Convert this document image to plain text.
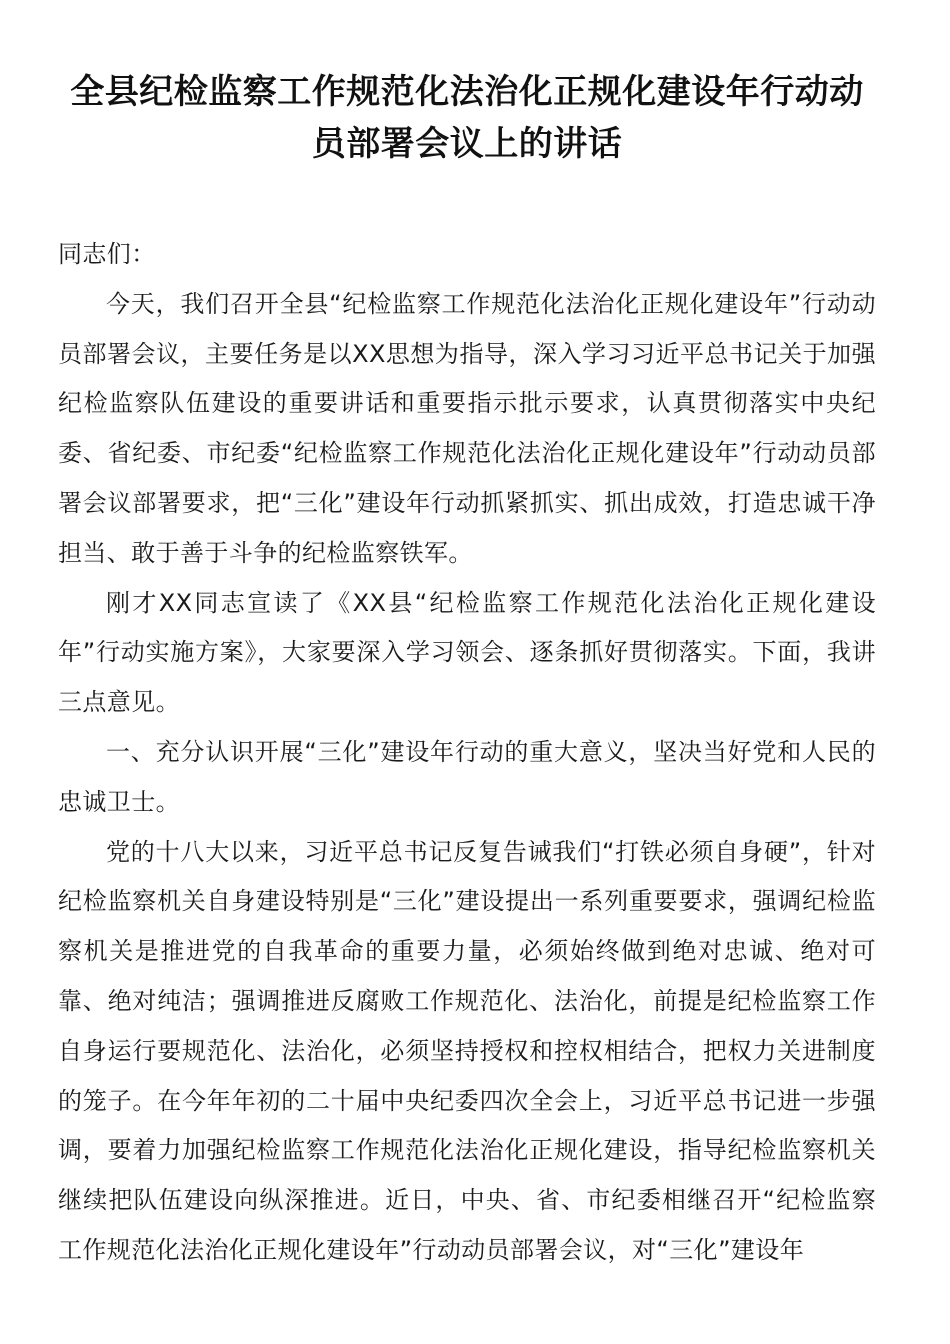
全县纪检监察工作规范化法治化正规化建设年行动动
员部署会议上的讲话

同志们：

今天，我们召开全县“纪检监察工作规范化法治化正规化建设年”行动动员部署会议，主要任务是以XX思想为指导，深入学习习近平总书记关于加强纪检监察队伍建设的重要讲话和重要指示批示要求，认真贯彻落实中央纪委、省纪委、市纪委“纪检监察工作规范化法治化正规化建设年”行动动员部署会议部署要求，把“三化”建设年行动抓紧抓实、抓出成效，打造忠诚干净担当、敢于善于斗争的纪检监察铁军。

刚才XX同志宣读了《XX县“纪检监察工作规范化法治化正规化建设年”行动实施方案》，大家要深入学习领会、逐条抓好贯彻落实。下面，我讲三点意见。

一、充分认识开展“三化”建设年行动的重大意义，坚决当好党和人民的忠诚卫士。

党的十八大以来，习近平总书记反复告诫我们“打铁必须自身硬”，针对纪检监察机关自身建设特别是“三化”建设提出一系列重要要求，强调纪检监察机关是推进党的自我革命的重要力量，必须始终做到绝对忠诚、绝对可靠、绝对纯洁；强调推进反腐败工作规范化、法治化，前提是纪检监察工作自身运行要规范化、法治化，必须坚持授权和控权相结合，把权力关进制度的笼子。在今年年初的二十届中央纪委四次全会上，习近平总书记进一步强调，要着力加强纪检监察工作规范化法治化正规化建设，指导纪检监察机关继续把队伍建设向纵深推进。近日，中央、省、市纪委相继召开“纪检监察工作规范化法治化正规化建设年”行动动员部署会议，对“三化”建设年
